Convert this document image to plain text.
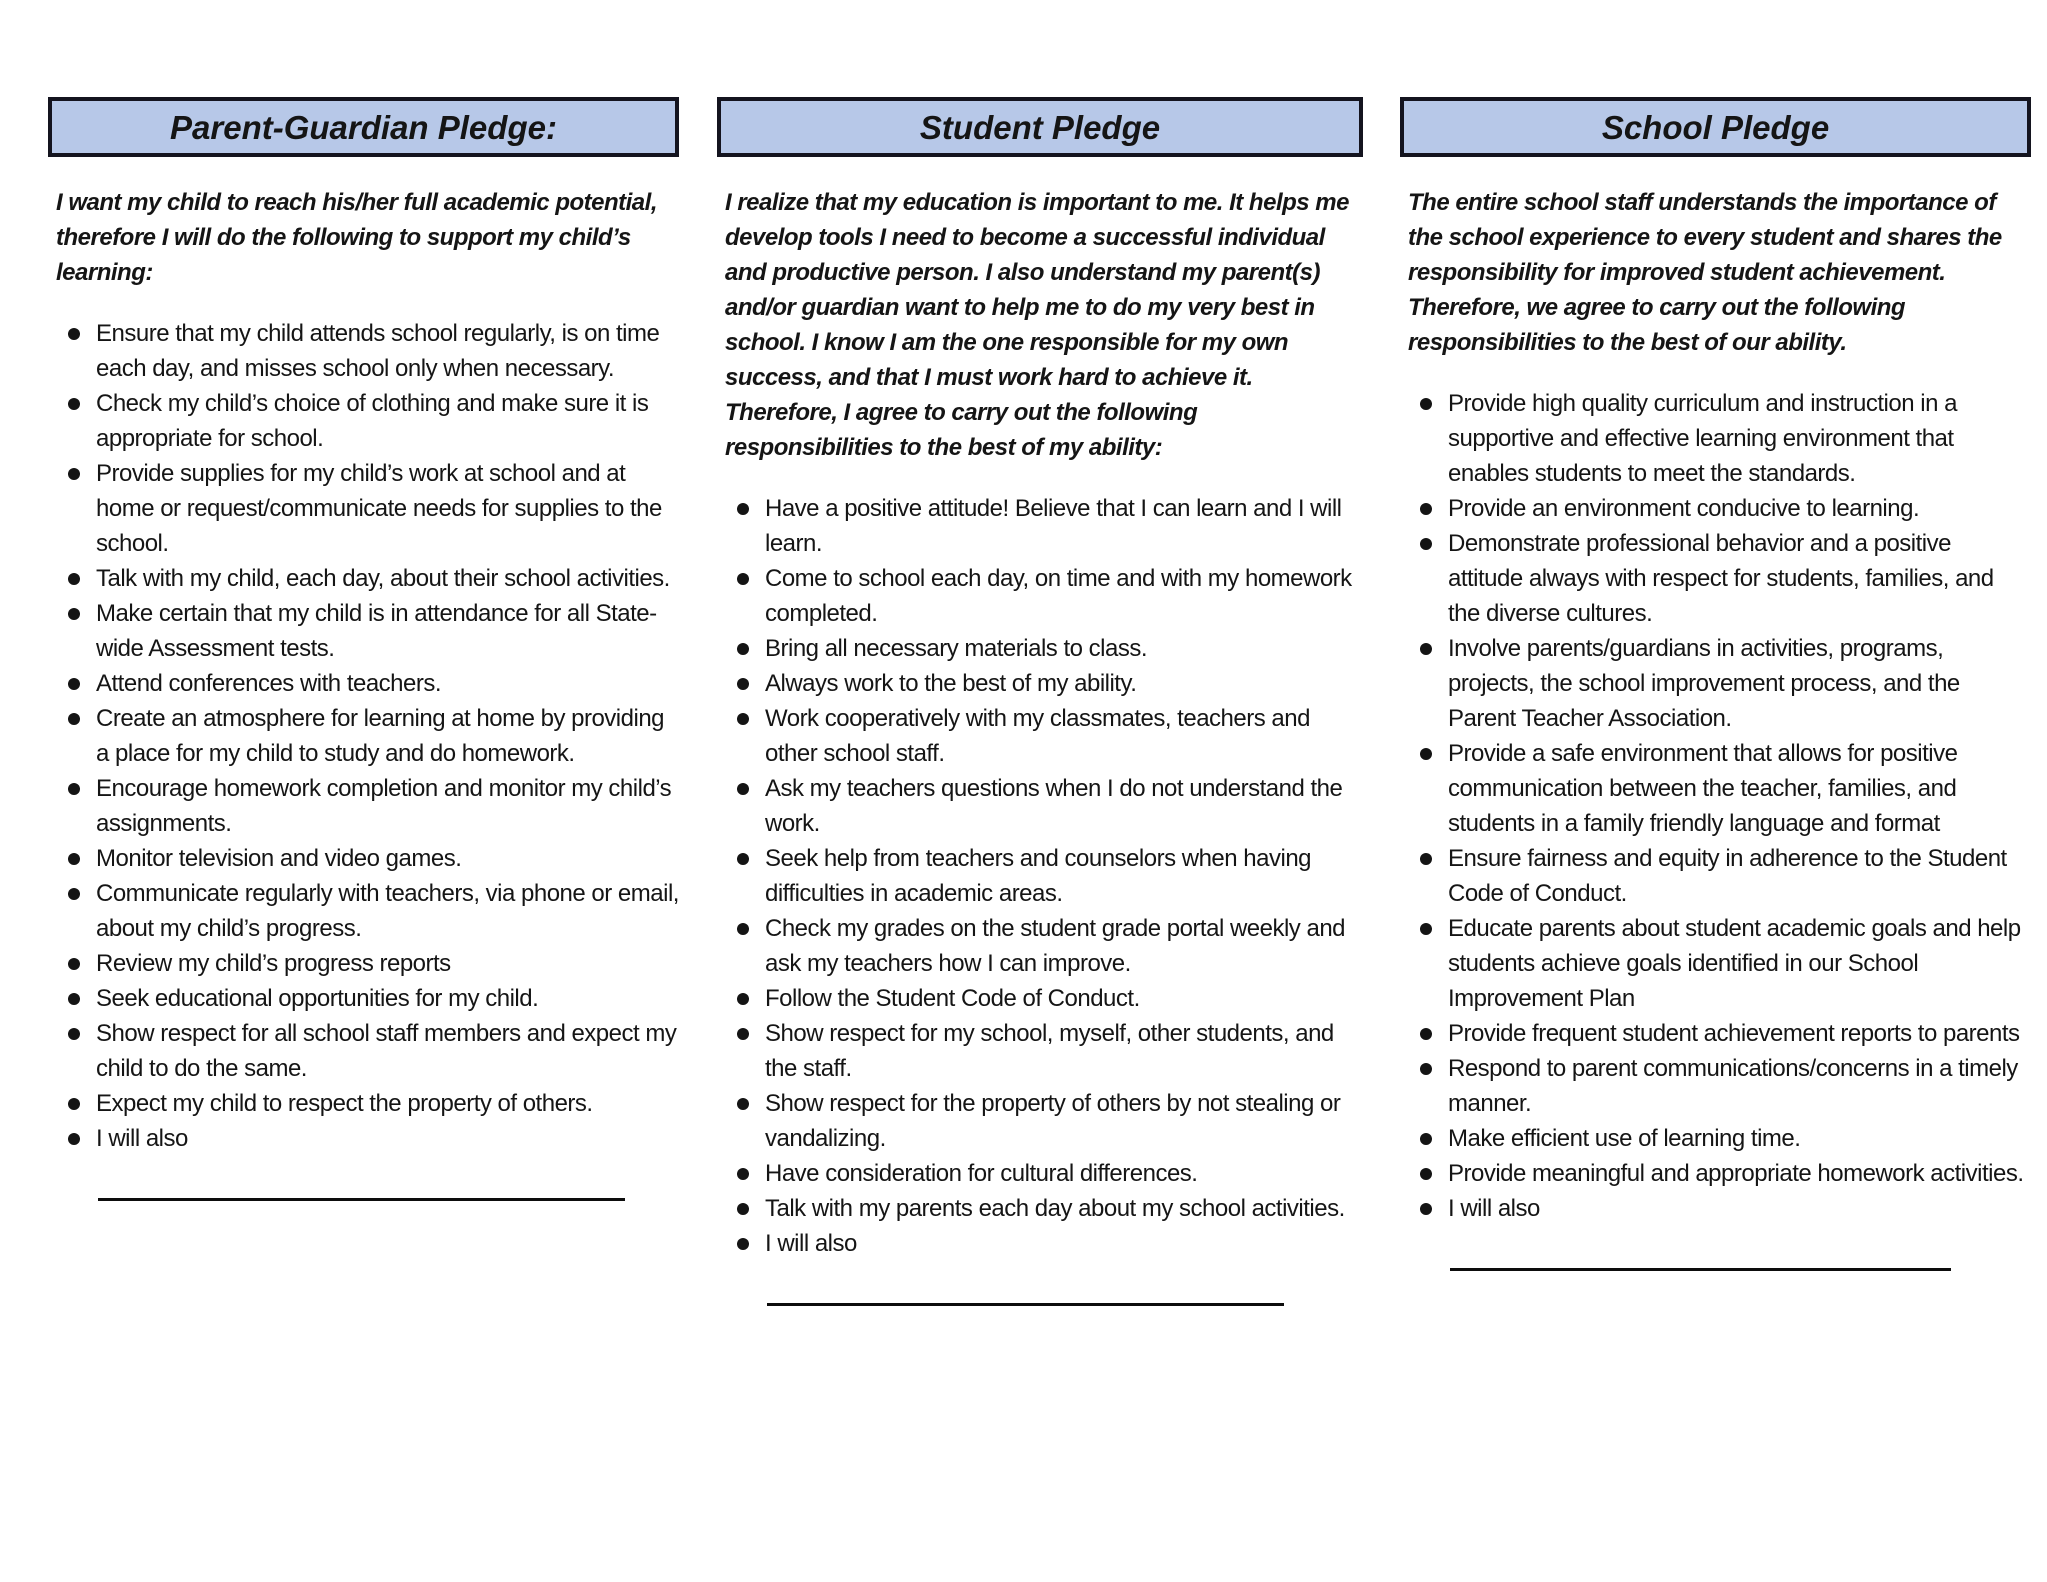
Parent-Guardian Pledge:

I want my child to reach his/her full academic potential, therefore I will do the following to support my child’s learning:

Ensure that my child attends school regularly, is on time each day, and misses school only when necessary.
Check my child’s choice of clothing and make sure it is appropriate for school.
Provide supplies for my child’s work at school and at home or request/communicate needs for supplies to the school.
Talk with my child, each day, about their school activities.
Make certain that my child is in attendance for all State-wide Assessment tests.
Attend conferences with teachers.
Create an atmosphere for learning at home by providing a place for my child to study and do homework.
Encourage homework completion and monitor my child’s assignments.
Monitor television and video games.
Communicate regularly with teachers, via phone or email, about my child’s progress.
Review my child’s progress reports
Seek educational opportunities for my child.
Show respect for all school staff members and expect my child to do the same.
Expect my child to respect the property of others.
I will also
Student Pledge

I realize that my education is important to me. It helps me develop tools I need to become a successful individual and productive person. I also understand my parent(s) and/or guardian want to help me to do my very best in school. I know I am the one responsible for my own success, and that I must work hard to achieve it. Therefore, I agree to carry out the following responsibilities to the best of my ability:

Have a positive attitude! Believe that I can learn and I will learn.
Come to school each day, on time and with my homework completed.
Bring all necessary materials to class.
Always work to the best of my ability.
Work cooperatively with my classmates, teachers and other school staff.
Ask my teachers questions when I do not understand the work.
Seek help from teachers and counselors when having difficulties in academic areas.
Check my grades on the student grade portal weekly and ask my teachers how I can improve.
Follow the Student Code of Conduct.
Show respect for my school, myself, other students, and the staff.
Show respect for the property of others by not stealing or vandalizing.
Have consideration for cultural differences.
Talk with my parents each day about my school activities.
I will also
School Pledge

The entire school staff understands the importance of the school experience to every student and shares the responsibility for improved student achievement. Therefore, we agree to carry out the following responsibilities to the best of our ability.

Provide high quality curriculum and instruction in a supportive and effective learning environment that enables students to meet the standards.
Provide an environment conducive to learning.
Demonstrate professional behavior and a positive attitude always with respect for students, families, and the diverse cultures.
Involve parents/guardians in activities, programs, projects, the school improvement process, and the Parent Teacher Association.
Provide a safe environment that allows for positive communication between the teacher, families, and students in a family friendly language and format
Ensure fairness and equity in adherence to the Student Code of Conduct.
Educate parents about student academic goals and help students achieve goals identified in our School Improvement Plan
Provide frequent student achievement reports to parents
Respond to parent communications/concerns in a timely manner.
Make efficient use of learning time.
Provide meaningful and appropriate homework activities.
I will also
